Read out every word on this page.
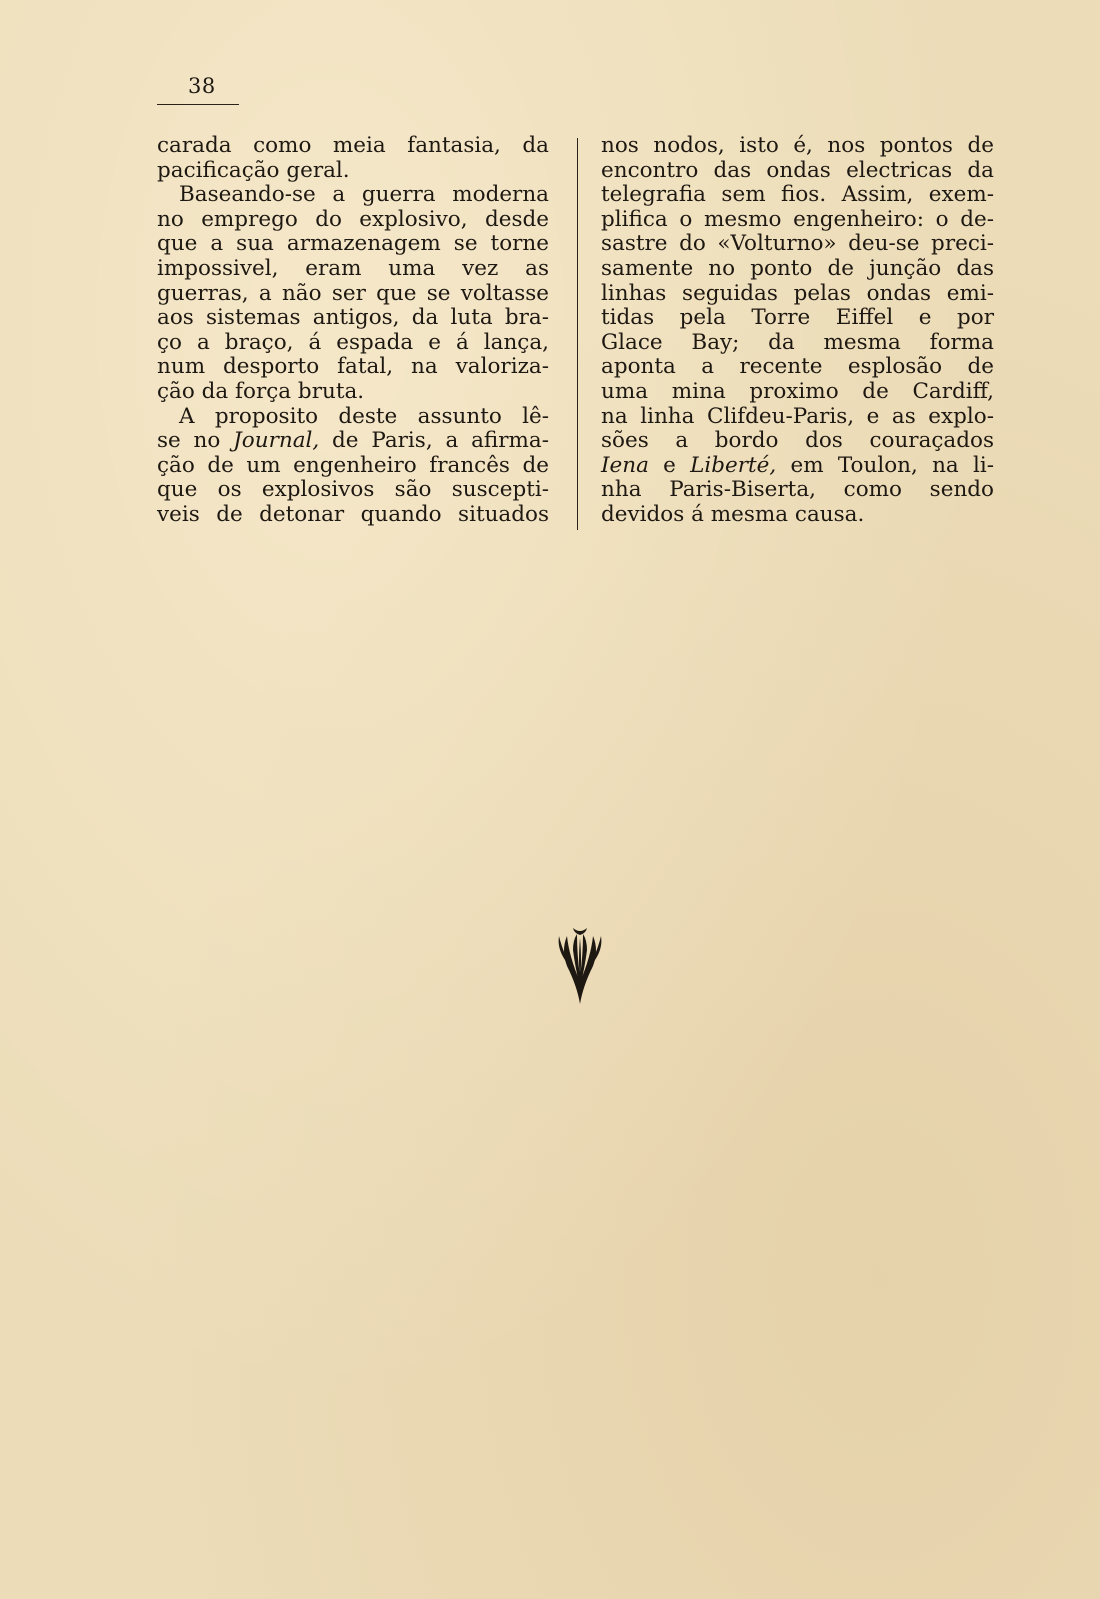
38
carada como meia fantasia, da
pacificação geral.
Baseando-se a guerra moderna
no emprego do explosivo, desde
que a sua armazenagem se torne
impossivel, eram uma vez as
guerras, a não ser que se voltasse
aos sistemas antigos, da luta bra-
ço a braço, á espada e á lança,
num desporto fatal, na valoriza-
ção da força bruta.
A proposito deste assunto lê-
se no Journal, de Paris, a afirma-
ção de um engenheiro francês de
que os explosivos são suscepti-
veis de detonar quando situados
nos nodos, isto é, nos pontos de
encontro das ondas electricas da
telegrafia sem fios. Assim, exem-
plifica o mesmo engenheiro: o de-
sastre do «Volturno» deu-se preci-
samente no ponto de junção das
linhas seguidas pelas ondas emi-
tidas pela Torre Eiffel e por
Glace Bay; da mesma forma
aponta a recente esplosão de
uma mina proximo de Cardiff,
na linha Clifdeu-Paris, e as explo-
sões a bordo dos couraçados
Iena e Liberté, em Toulon, na li-
nha Paris-Biserta, como sendo
devidos á mesma causa.
